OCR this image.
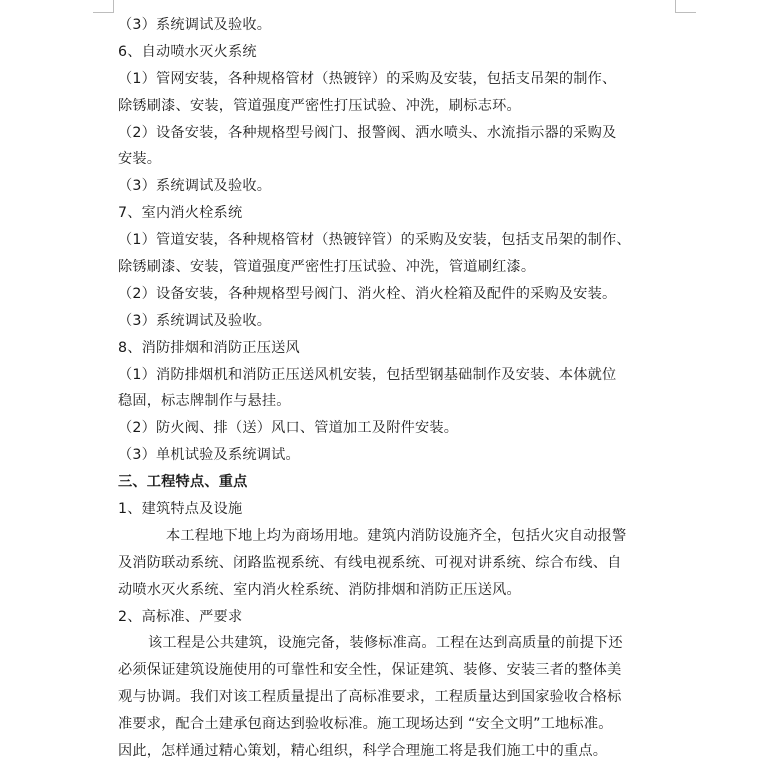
（3）系统调试及验收。
6、自动喷水灭火系统
（1）管网安装，各种规格管材（热镀锌）的采购及安装，包括支吊架的制作、
除锈刷漆、安装，管道强度严密性打压试验、冲洗，刷标志环。
（2）设备安装，各种规格型号阀门、报警阀、洒水喷头、水流指示器的采购及
安装。
（3）系统调试及验收。
7、室内消火栓系统
（1）管道安装，各种规格管材（热镀锌管）的采购及安装，包括支吊架的制作、
除锈刷漆、安装，管道强度严密性打压试验、冲洗，管道刷红漆。
（2）设备安装，各种规格型号阀门、消火栓、消火栓箱及配件的采购及安装。
（3）系统调试及验收。
8、消防排烟和消防正压送风
（1）消防排烟机和消防正压送风机安装，包括型钢基础制作及安装、本体就位
稳固，标志牌制作与悬挂。
（2）防火阀、排（送）风口、管道加工及附件安装。
（3）单机试验及系统调试。
三、工程特点、重点
1、建筑特点及设施
本工程地下地上均为商场用地。建筑内消防设施齐全，包括火灾自动报警
及消防联动系统、闭路监视系统、有线电视系统、可视对讲系统、综合布线、自
动喷水灭火系统、室内消火栓系统、消防排烟和消防正压送风。
2、高标准、严要求
该工程是公共建筑，设施完备，装修标准高。工程在达到高质量的前提下还
必须保证建筑设施使用的可靠性和安全性，保证建筑、装修、安装三者的整体美
观与协调。我们对该工程质量提出了高标准要求，工程质量达到国家验收合格标
准要求，配合土建承包商达到验收标准。施工现场达到 “安全文明”工地标准。
因此，怎样通过精心策划，精心组织，科学合理施工将是我们施工中的重点。
